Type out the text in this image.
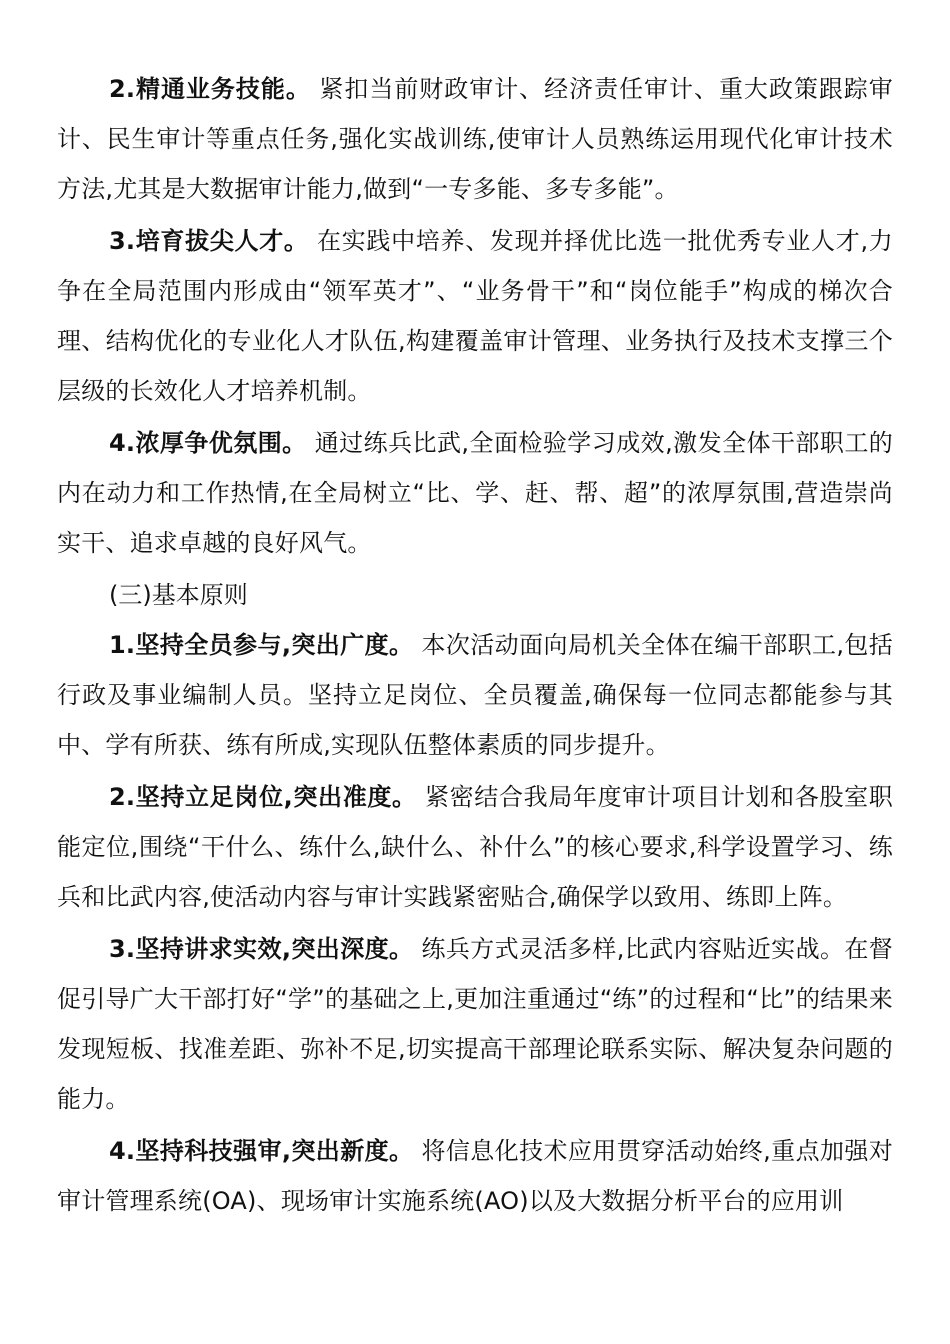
2.精通业务技能。 紧扣当前财政审计、经济责任审计、重大政策跟踪审计、民生审计等重点任务,强化实战训练,使审计人员熟练运用现代化审计技术方法,尤其是大数据审计能力,做到“一专多能、多专多能”。

3.培育拔尖人才。 在实践中培养、发现并择优比选一批优秀专业人才,力争在全局范围内形成由“领军英才”、“业务骨干”和“岗位能手”构成的梯次合理、结构优化的专业化人才队伍,构建覆盖审计管理、业务执行及技术支撑三个层级的长效化人才培养机制。

4.浓厚争优氛围。 通过练兵比武,全面检验学习成效,激发全体干部职工的内在动力和工作热情,在全局树立“比、学、赶、帮、超”的浓厚氛围,营造崇尚实干、追求卓越的良好风气。

(三)基本原则

1.坚持全员参与,突出广度。 本次活动面向局机关全体在编干部职工,包括行政及事业编制人员。坚持立足岗位、全员覆盖,确保每一位同志都能参与其中、学有所获、练有所成,实现队伍整体素质的同步提升。

2.坚持立足岗位,突出准度。 紧密结合我局年度审计项目计划和各股室职能定位,围绕“干什么、练什么,缺什么、补什么”的核心要求,科学设置学习、练兵和比武内容,使活动内容与审计实践紧密贴合,确保学以致用、练即上阵。

3.坚持讲求实效,突出深度。 练兵方式灵活多样,比武内容贴近实战。在督促引导广大干部打好“学”的基础之上,更加注重通过“练”的过程和“比”的结果来发现短板、找准差距、弥补不足,切实提高干部理论联系实际、解决复杂问题的能力。

4.坚持科技强审,突出新度。 将信息化技术应用贯穿活动始终,重点加强对审计管理系统(OA)、现场审计实施系统(AO)以及大数据分析平台的应用训
